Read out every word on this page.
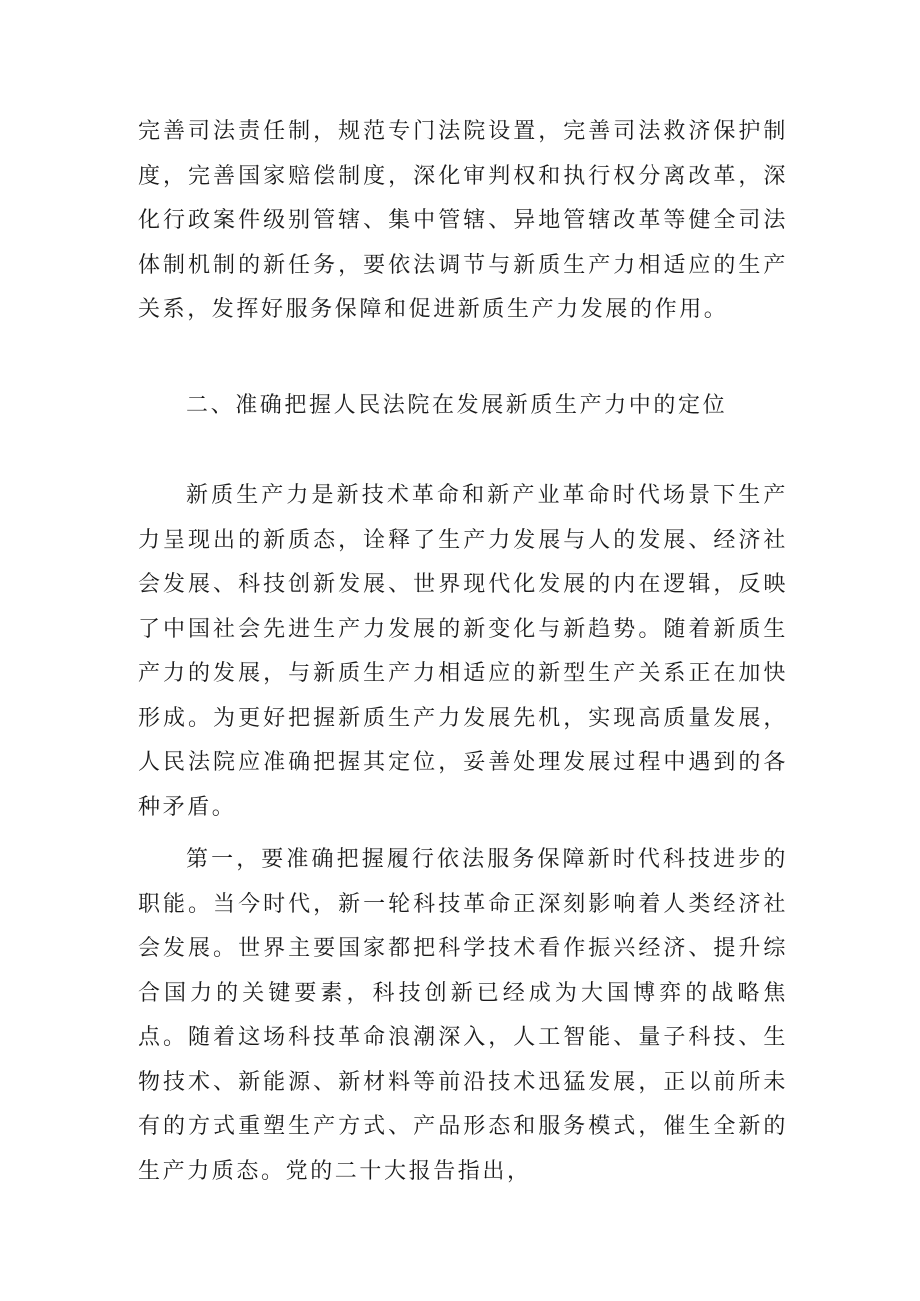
完善司法责任制，规范专门法院设置，完善司法救济保护制度，完善国家赔偿制度，深化审判权和执行权分离改革，深化行政案件级别管辖、集中管辖、异地管辖改革等健全司法体制机制的新任务，要依法调节与新质生产力相适应的生产关系，发挥好服务保障和促进新质生产力发展的作用。

二、准确把握人民法院在发展新质生产力中的定位

新质生产力是新技术革命和新产业革命时代场景下生产力呈现出的新质态，诠释了生产力发展与人的发展、经济社会发展、科技创新发展、世界现代化发展的内在逻辑，反映了中国社会先进生产力发展的新变化与新趋势。随着新质生产力的发展，与新质生产力相适应的新型生产关系正在加快形成。为更好把握新质生产力发展先机，实现高质量发展，人民法院应准确把握其定位，妥善处理发展过程中遇到的各种矛盾。

第一，要准确把握履行依法服务保障新时代科技进步的职能。当今时代，新一轮科技革命正深刻影响着人类经济社会发展。世界主要国家都把科学技术看作振兴经济、提升综合国力的关键要素，科技创新已经成为大国博弈的战略焦点。随着这场科技革命浪潮深入，人工智能、量子科技、生物技术、新能源、新材料等前沿技术迅猛发展，正以前所未有的方式重塑生产方式、产品形态和服务模式，催生全新的生产力质态。党的二十大报告指出，
